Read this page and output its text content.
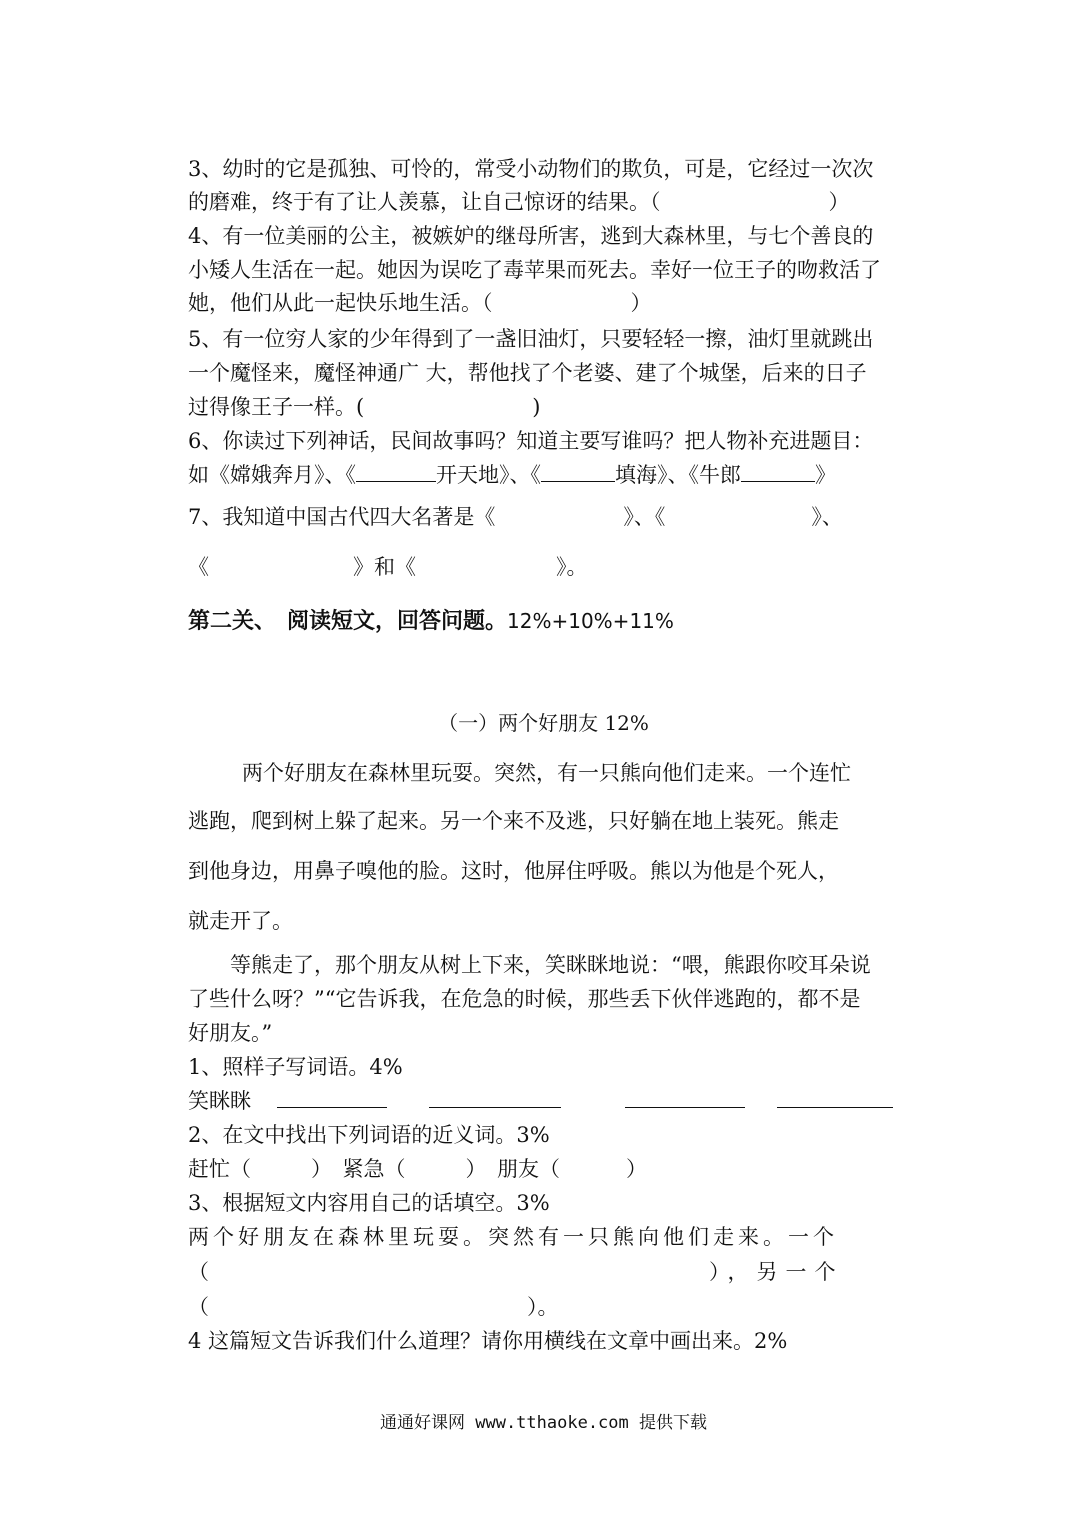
3、幼时的它是孤独、可怜的，常受小动物们的欺负，可是，它经过一次次
的磨难，终于有了让人羡慕，让自己惊讶的结果。（	）
4、有一位美丽的公主，被嫉妒的继母所害，逃到大森林里，与七个善良的
小矮人生活在一起。她因为误吃了毒苹果而死去。幸好一位王子的吻救活了
她，他们从此一起快乐地生活。（	）
5、有一位穷人家的少年得到了一盏旧油灯，只要轻轻一擦，油灯里就跳出
一个魔怪来，魔怪神通广 大，帮他找了个老婆、建了个城堡，后来的日子
过得像王子一样。(	)
6、你读过下列神话，民间故事吗？知道主要写谁吗？把人物补充进题目：
如《嫦娥奔月》、《	开天地》、《	填海》、《牛郎	》
7、我知道中国古代四大名著是《	》、《	》、
《	》和《	》。
第二关、　阅读短文，回答问题。12%+10%+11%
（一）两个好朋友 12%
两个好朋友在森林里玩耍。突然，有一只熊向他们走来。一个连忙
逃跑，爬到树上躲了起来。另一个来不及逃，只好躺在地上装死。熊走
到他身边，用鼻子嗅他的脸。这时，他屏住呼吸。熊以为他是个死人，
就走开了。
等熊走了，那个朋友从树上下来，笑眯眯地说：“喂，熊跟你咬耳朵说
了些什么呀？”“它告诉我，在危急的时候，那些丢下伙伴逃跑的，都不是
好朋友。”
1、照样子写词语。4%
笑眯眯
2、在文中找出下列词语的近义词。3%
赶忙（	）　紧急（	）　朋友（	）
3、根据短文内容用自己的话填空。3%
两个好朋友在森林里玩耍。突然有一只熊向他们走来。一个
（	），另一个
（	）。
4 这篇短文告诉我们什么道理？请你用横线在文章中画出来。2%
通通好课网 www.tthaoke.com 提供下载
